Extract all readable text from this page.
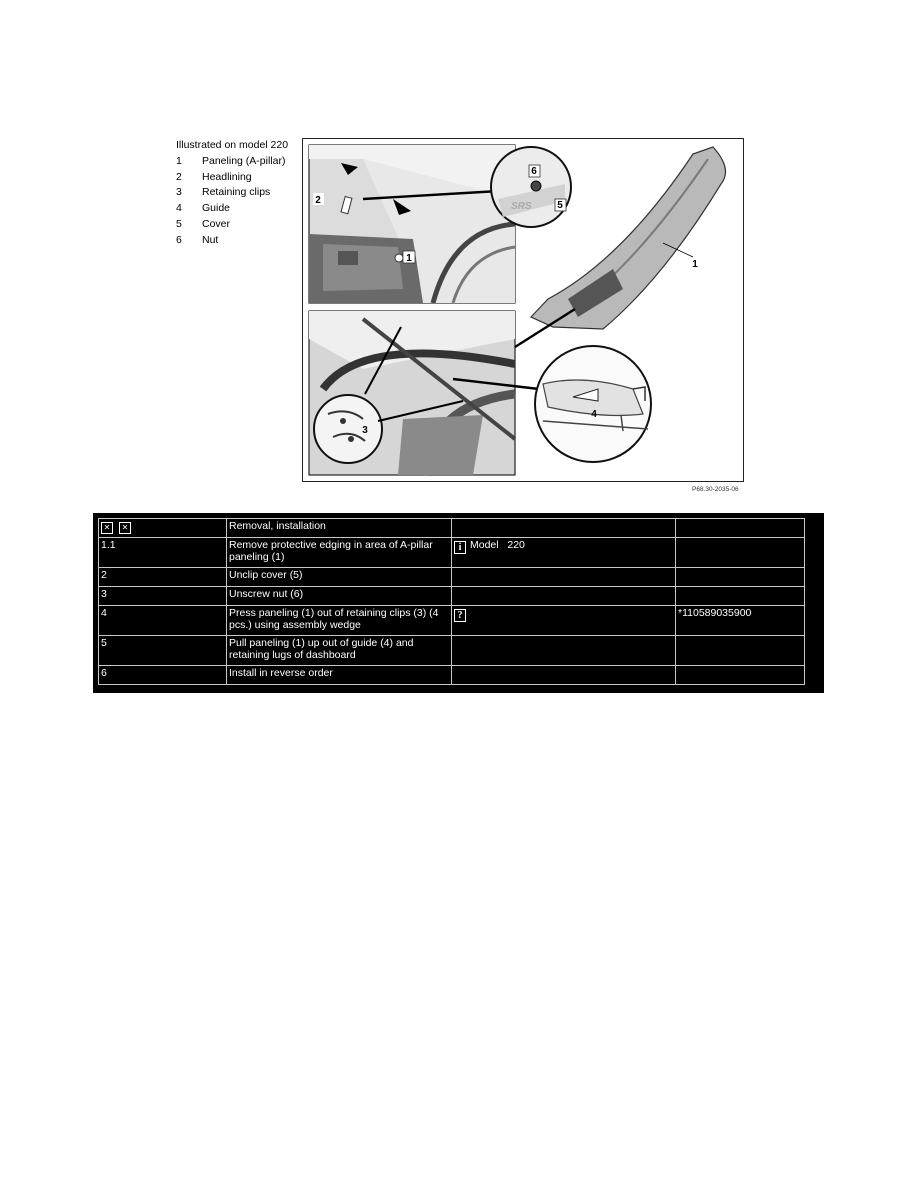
Illustrated on model 220
1	Paneling (A-pillar)
2	Headlining
3	Retaining clips
4	Guide
5	Cover
6	Nut
SRS
1
2
6
5
1
3
4
P68.30-2035-06
✕ ✕	Removal, installation		
1.1	Remove protective edging in area of A-pillar paneling (1)	i Model   220	
2	Unclip cover (5)		
3	Unscrew nut (6)		
4	Press paneling (1) out of retaining clips (3) (4 pcs.) using assembly wedge	?	*110589035900
5	Pull paneling (1) up out of guide (4) and retaining lugs of dashboard		
6	Install in reverse order		
